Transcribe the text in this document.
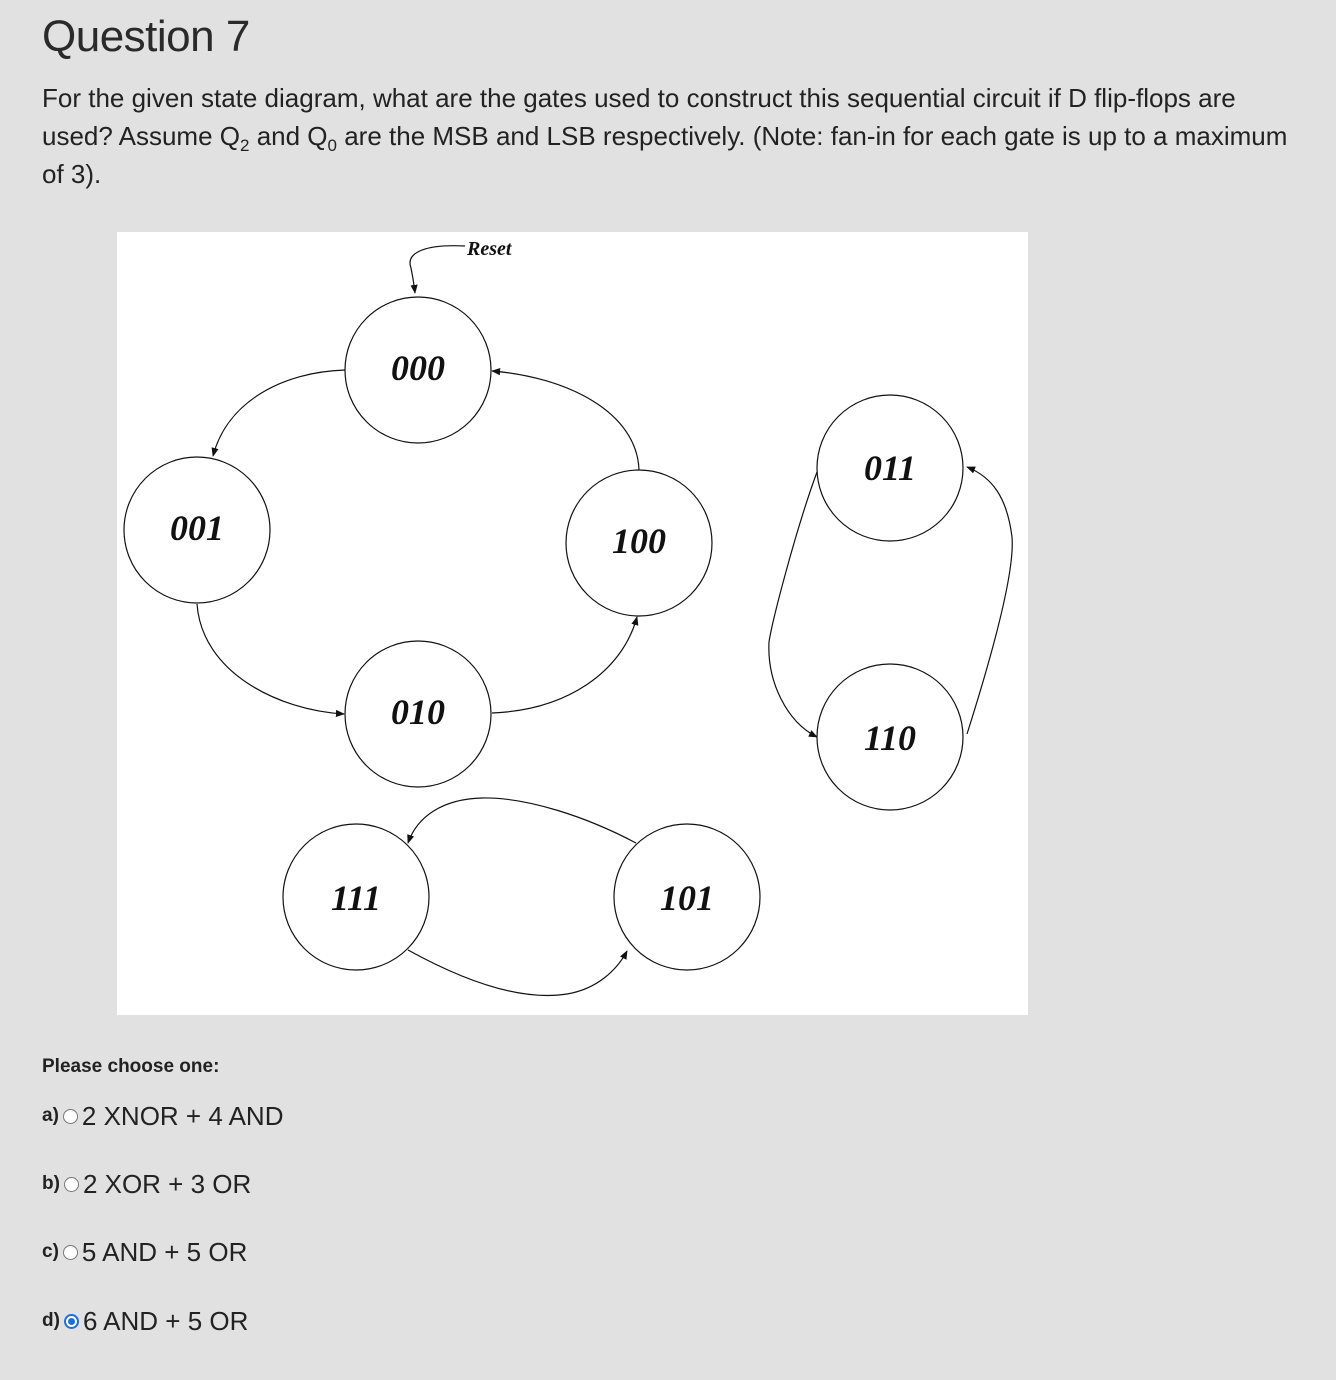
Question 7

For the given state diagram, what are the gates used to construct this sequential circuit if D flip-flops are used? Assume $Q_2$ and $Q_0$ are the MSB and LSB respectively. (Note: fan-in for each gate is up to a maximum of 3).

Reset
000
001
010
100
011
110
111	101

Please choose one:

a) 2 XNOR + 4 AND
b) 2 XOR + 3 OR
c) 5 AND + 5 OR
d) 6 AND + 5 OR
